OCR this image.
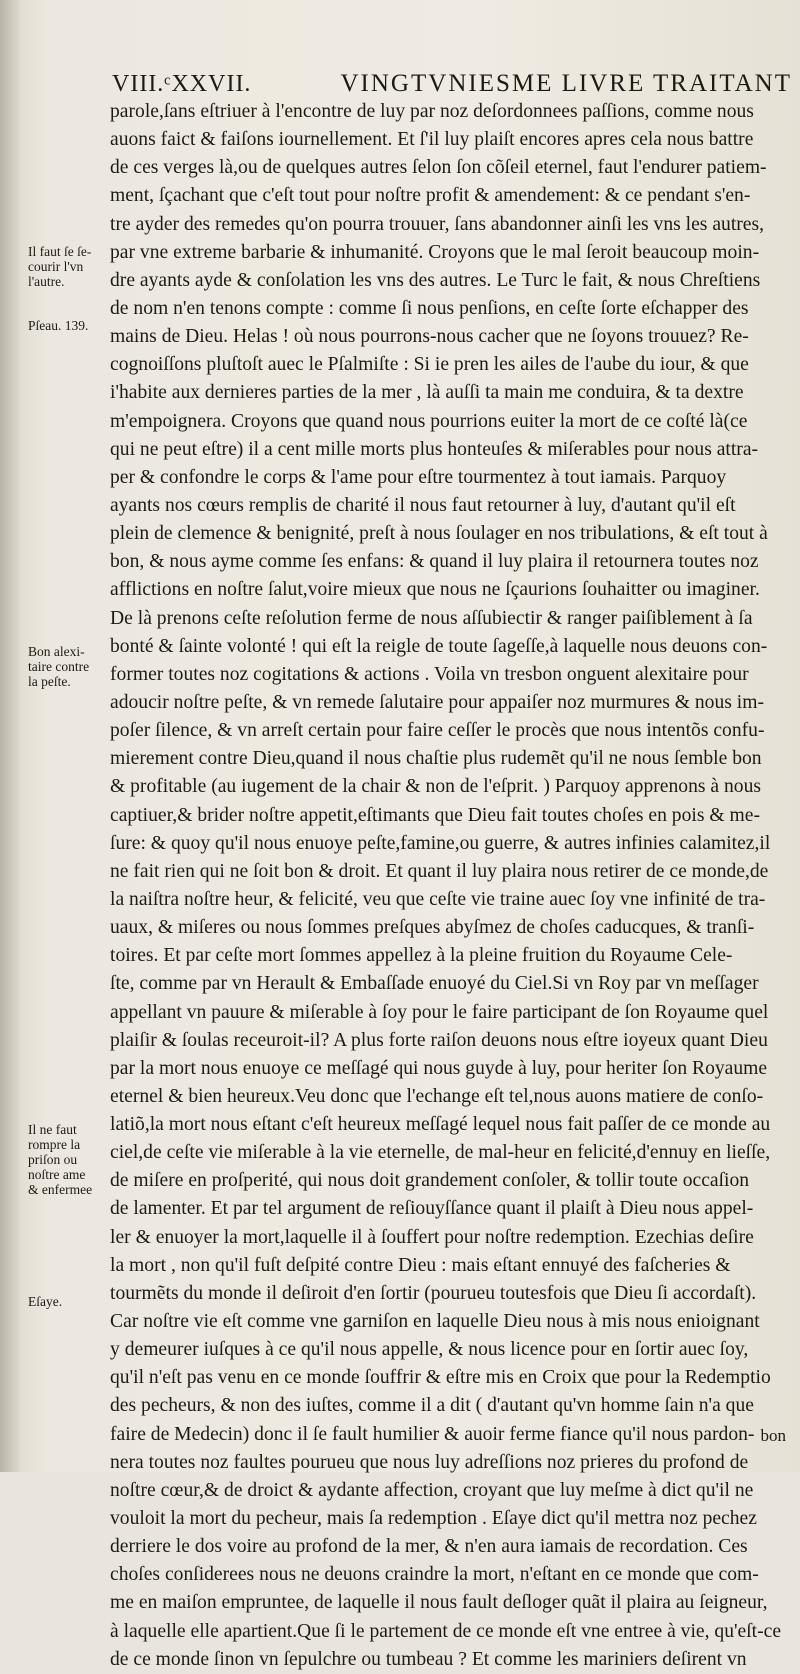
VIII.ᶜXXVII.	VINGTVNIESME LIVRE TRAITANT
Il faut ſe ſe-
courir l'vn
l'autre.
Pſeau. 139.
Bon alexi-
taire contre
la peſte.
Il ne faut
rompre la
priſon ou
noſtre ame
& enfermee
Eſaye.
parole,ſans eſtriuer à l'encontre de luy par noz deſordonnees paſſions, comme nous
auons faict & faiſons iournellement. Et ſ'il luy plaiſt encores apres cela nous battre
de ces verges là,ou de quelques autres ſelon ſon cõſeil eternel, faut l'endurer patiem-
ment, ſçachant que c'eſt tout pour noſtre profit & amendement: & ce pendant s'en-
tre ayder des remedes qu'on pourra trouuer, ſans abandonner ainſi les vns les autres,
par vne extreme barbarie & inhumanité. Croyons que le mal ſeroit beaucoup moin-
dre ayants ayde & conſolation les vns des autres. Le Turc le fait, & nous Chreſtiens
de nom n'en tenons compte : comme ſi nous penſions, en ceſte ſorte eſchapper des
mains de Dieu. Helas ! où nous pourrons-nous cacher que ne ſoyons trouuez? Re-
cognoiſſons pluſtoſt auec le Pſalmiſte : Si ie pren les ailes de l'aube du iour, & que
i'habite aux dernieres parties de la mer , là auſſi ta main me conduira, & ta dextre
m'empoignera. Croyons que quand nous pourrions euiter la mort de ce coſté là(ce
qui ne peut eſtre) il a cent mille morts plus honteuſes & miſerables pour nous attra-
per & confondre le corps & l'ame pour eſtre tourmentez à tout iamais. Parquoy
ayants nos cœurs remplis de charité il nous faut retourner à luy, d'autant qu'il eſt
plein de clemence & benignité, preſt à nous ſoulager en nos tribulations, & eſt tout à
bon, & nous ayme comme ſes enfans: & quand il luy plaira il retournera toutes noz
afflictions en noſtre ſalut,voire mieux que nous ne ſçaurions ſouhaitter ou imaginer.
De là prenons ceſte reſolution ferme de nous aſſubiectir & ranger paiſiblement à ſa
bonté & ſainte volonté ! qui eſt la reigle de toute ſageſſe,à laquelle nous deuons con-
former toutes noz cogitations & actions . Voila vn tresbon onguent alexitaire pour
adoucir noſtre peſte, & vn remede ſalutaire pour appaiſer noz murmures & nous im-
poſer ſilence, & vn arreſt certain pour faire ceſſer le procès que nous intentõs confu-
mierement contre Dieu,quand il nous chaſtie plus rudemẽt qu'il ne nous ſemble bon
& profitable (au iugement de la chair & non de l'eſprit. ) Parquoy apprenons à nous
captiuer,& brider noſtre appetit,eſtimants que Dieu fait toutes choſes en pois & me-
ſure: & quoy qu'il nous enuoye peſte,famine,ou guerre, & autres infinies calamitez,il
ne fait rien qui ne ſoit bon & droit. Et quant il luy plaira nous retirer de ce monde,de
la naiſtra noſtre heur, & felicité, veu que ceſte vie traine auec ſoy vne infinité de tra-
uaux, & miſeres ou nous ſommes preſques abyſmez de choſes caducques, & tranſi-
toires. Et par ceſte mort ſommes appellez à la pleine fruition du Royaume Cele-
ſte, comme par vn Herault & Embaſſade enuoyé du Ciel.Si vn Roy par vn meſſager
appellant vn pauure & miſerable à ſoy pour le faire participant de ſon Royaume quel
plaiſir & ſoulas receuroit-il? A plus forte raiſon deuons nous eſtre ioyeux quant Dieu
par la mort nous enuoye ce meſſagé qui nous guyde à luy, pour heriter ſon Royaume
eternel & bien heureux.Veu donc que l'echange eſt tel,nous auons matiere de conſo-
latiõ,la mort nous eſtant c'eſt heureux meſſagé lequel nous fait paſſer de ce monde au
ciel,de ceſte vie miſerable à la vie eternelle, de mal-heur en felicité,d'ennuy en lieſſe,
de miſere en proſperité, qui nous doit grandement conſoler, & tollir toute occaſion
de lamenter. Et par tel argument de reſiouyſſance quant il plaiſt à Dieu nous appel-
ler & enuoyer la mort,laquelle il à ſouffert pour noſtre redemption. Ezechias deſire
la mort , non qu'il fuſt deſpité contre Dieu : mais eſtant ennuyé des faſcheries &
tourmẽts du monde il deſiroit d'en ſortir (pourueu toutesfois que Dieu ſi accordaſt).
Car noſtre vie eſt comme vne garniſon en laquelle Dieu nous à mis nous enioignant
y demeurer iuſques à ce qu'il nous appelle, & nous licence pour en ſortir auec ſoy,
qu'il n'eſt pas venu en ce monde ſouffrir & eſtre mis en Croix que pour la Redemptio
des pecheurs, & non des iuſtes, comme il a dit ( d'autant qu'vn homme ſain n'a que
faire de Medecin) donc il ſe fault humilier & auoir ferme fiance qu'il nous pardon-
nera toutes noz faultes pourueu que nous luy adreſſions noz prieres du profond de
noſtre cœur,& de droict & aydante affection, croyant que luy meſme à dict qu'il ne
vouloit la mort du pecheur, mais ſa redemption . Eſaye dict qu'il mettra noz pechez
derriere le dos voire au profond de la mer, & n'en aura iamais de recordation. Ces
choſes conſiderees nous ne deuons craindre la mort, n'eſtant en ce monde que com-
me en maiſon empruntee, de laquelle il nous fault deſloger quãt il plaira au ſeigneur,
à laquelle elle apartient.Que ſi le partement de ce monde eſt vne entree à vie, qu'eſt-ce
de ce monde ſinon vn ſepulchre ou tumbeau ? Et comme les mariniers deſirent vn
bon
